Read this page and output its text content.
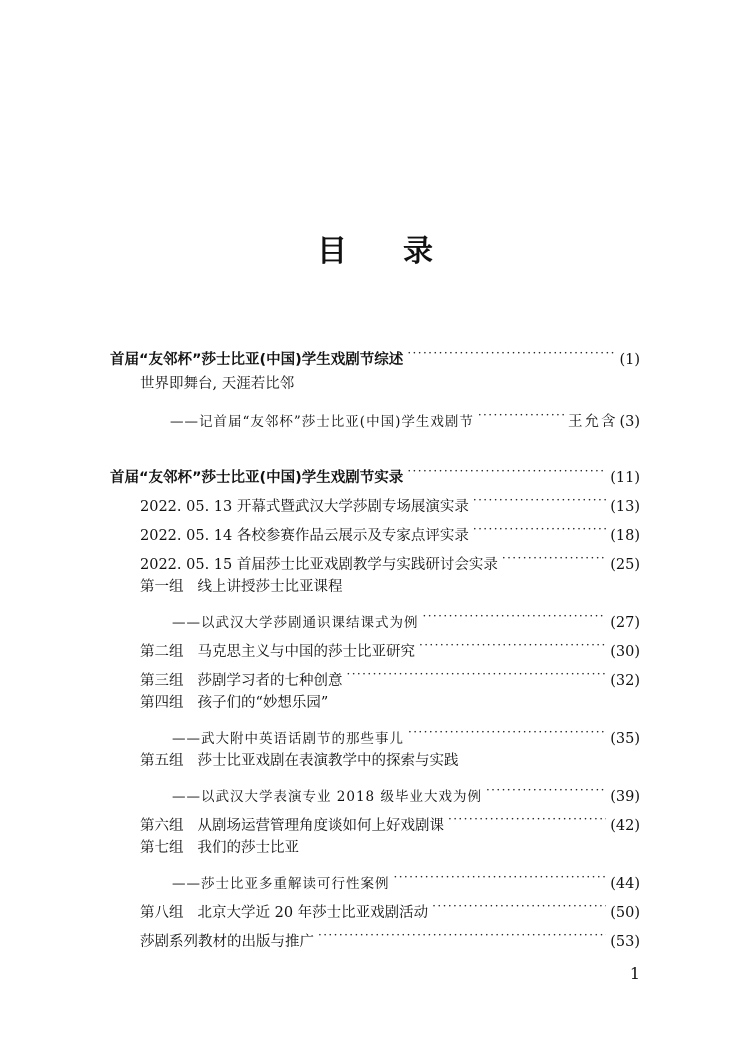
目 录
首届“友邻杯”莎士比亚(中国)学生戏剧节综述 ·····	(1)
世界即舞台, 天涯若比邻
——记首届“友邻杯”莎士比亚(中国)学生戏剧节 ·····	王允含 (3)
首届“友邻杯”莎士比亚(中国)学生戏剧节实录 ·····	(11)
2022. 05. 13 开幕式暨武汉大学莎剧专场展演实录 ·····	(13)
2022. 05. 14 各校参赛作品云展示及专家点评实录 ·····	(18)
2022. 05. 15 首届莎士比亚戏剧教学与实践研讨会实录 ·····	(25)
第一组 线上讲授莎士比亚课程
——以武汉大学莎剧通识课结课式为例 ·····	(27)
第二组 马克思主义与中国的莎士比亚研究 ·····	(30)
第三组 莎剧学习者的七种创意 ·····	(32)
第四组 孩子们的“妙想乐园”
——武大附中英语话剧节的那些事儿 ·····	(35)
第五组 莎士比亚戏剧在表演教学中的探索与实践
——以武汉大学表演专业 2018 级毕业大戏为例 ·····	(39)
第六组 从剧场运营管理角度谈如何上好戏剧课 ·····	(42)
第七组 我们的莎士比亚
——莎士比亚多重解读可行性案例 ·····	(44)
第八组 北京大学近 20 年莎士比亚戏剧活动 ·····	(50)
莎剧系列教材的出版与推广 ·····	(53)
1
